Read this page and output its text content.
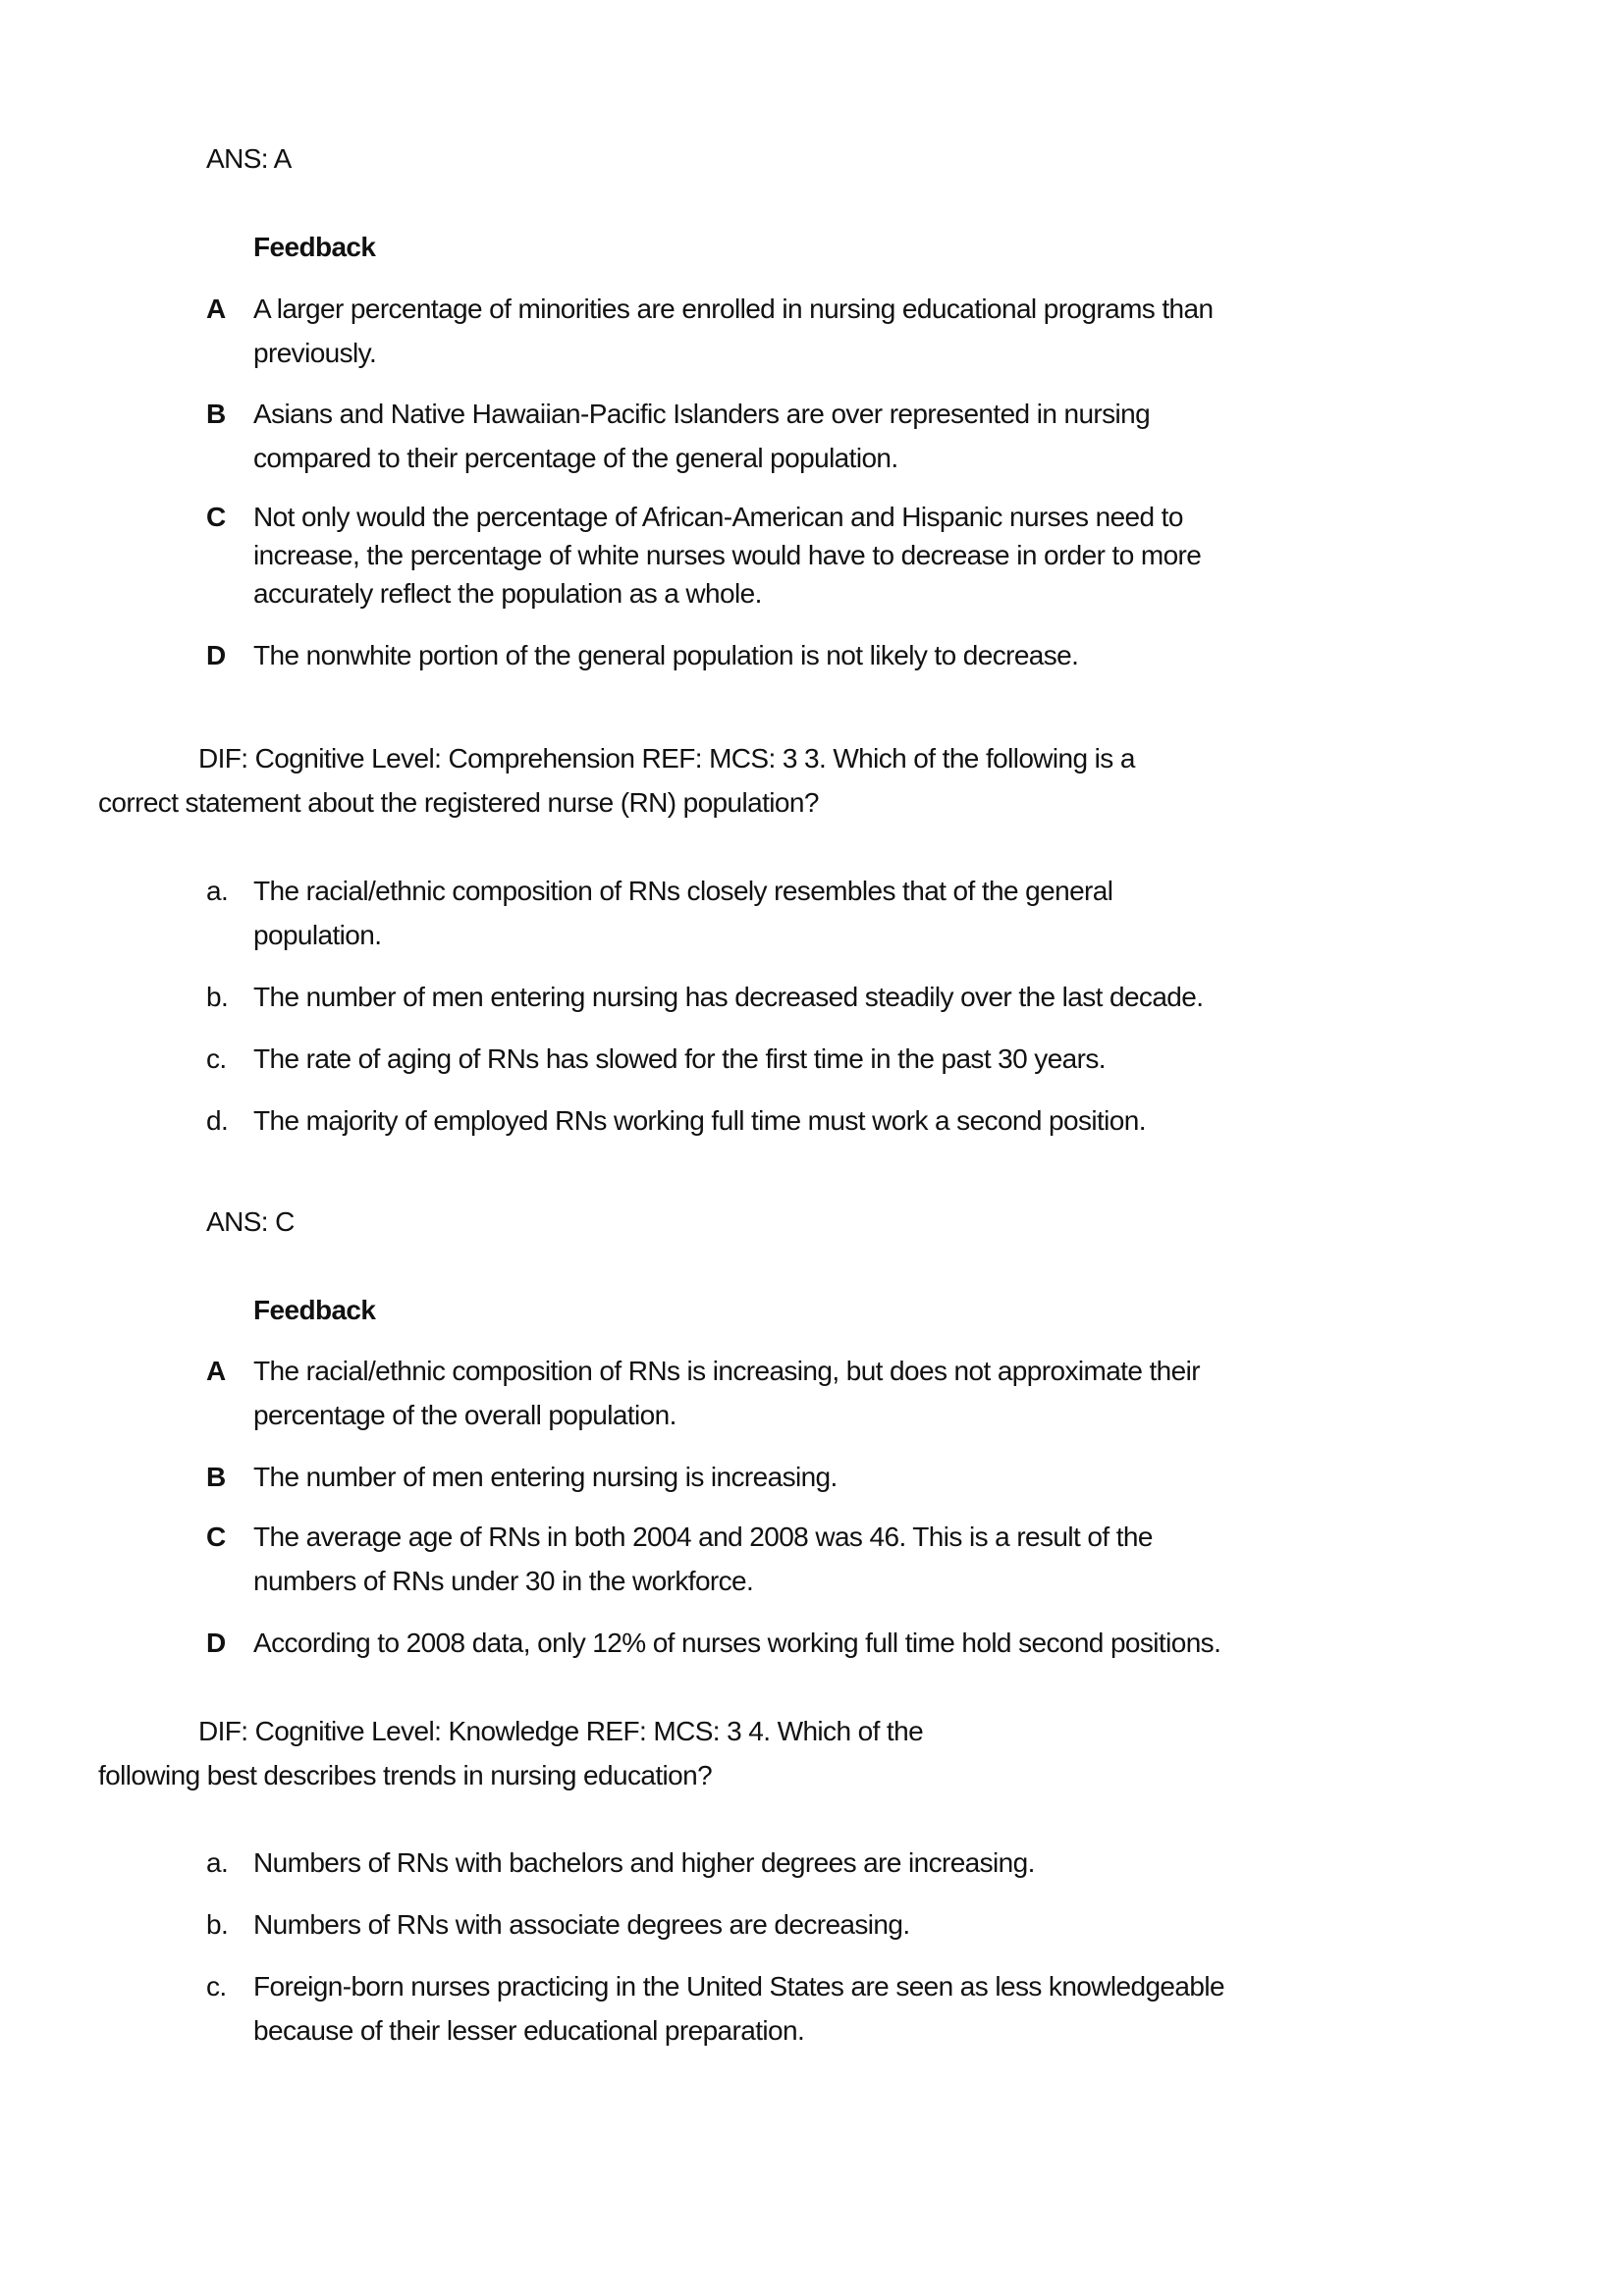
ANS: A
Feedback
A A larger percentage of minorities are enrolled in nursing educational programs than
previously.
B Asians and Native Hawaiian-Pacific Islanders are over represented in nursing
compared to their percentage of the general population.
C Not only would the percentage of African-American and Hispanic nurses need to
increase, the percentage of white nurses would have to decrease in order to more
accurately reflect the population as a whole.
D The nonwhite portion of the general population is not likely to decrease.
DIF: Cognitive Level: Comprehension REF: MCS: 3 3. Which of the following is a
correct statement about the registered nurse (RN) population?
a. The racial/ethnic composition of RNs closely resembles that of the general
population.
b. The number of men entering nursing has decreased steadily over the last decade.
c. The rate of aging of RNs has slowed for the first time in the past 30 years.
d. The majority of employed RNs working full time must work a second position.
ANS: C
Feedback
A The racial/ethnic composition of RNs is increasing, but does not approximate their
percentage of the overall population.
B The number of men entering nursing is increasing.
C The average age of RNs in both 2004 and 2008 was 46. This is a result of the
numbers of RNs under 30 in the workforce.
D According to 2008 data, only 12% of nurses working full time hold second positions.
DIF: Cognitive Level: Knowledge REF: MCS: 3 4. Which of the
following best describes trends in nursing education?
a. Numbers of RNs with bachelors and higher degrees are increasing.
b. Numbers of RNs with associate degrees are decreasing.
c. Foreign-born nurses practicing in the United States are seen as less knowledgeable
because of their lesser educational preparation.
